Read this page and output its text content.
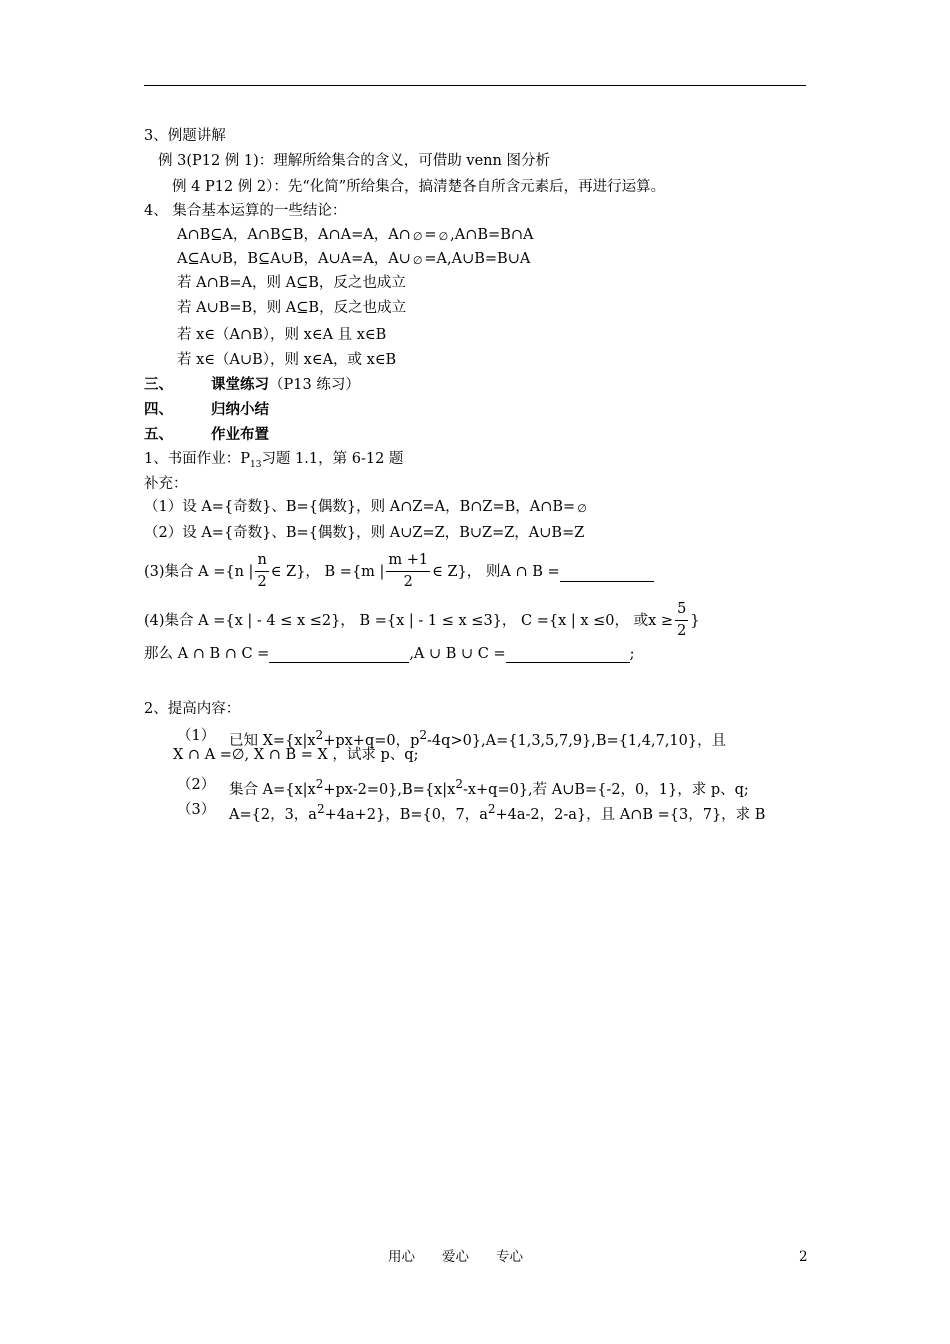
3、例题讲解
例 3(P12 例 1)：理解所给集合的含义，可借助 venn 图分析
例 4 P12 例 2）：先“化简”所给集合，搞清楚各自所含元素后，再进行运算。
4、 集合基本运算的一些结论：
A∩B⊆A，A∩B⊆B，A∩A=A，A∩ ∅ = ∅ ,A∩B=B∩A
A⊆A∪B，B⊆A∪B，A∪A=A，A∪ ∅ =A,A∪B=B∪A
若 A∩B=A，则 A⊆B，反之也成立
若 A∪B=B，则 A⊆B，反之也成立
若 x∈（A∩B），则 x∈A 且 x∈B
若 x∈（A∪B），则 x∈A，或 x∈B
三、	课堂练习（P13 练习）
四、	归纳小结
五、	作业布置
1、书面作业：$P_{13}$习题 1.1，第 6-12 题
补充：
（1）设 A={奇数}、B={偶数}，则 A∩Z=A，B∩Z=B，A∩B= ∅
（2）设 A={奇数}、B={偶数}，则 A∪Z=Z，B∪Z=Z，A∪B=Z
(3)集合 A ={n | $\frac{n}{2}$ ∈ Z}， B ={m | $\frac{m +1}{2}$ ∈ Z}， 则A ∩ B =
(4)集合 A ={x | - 4 ≤ x ≤2}， B ={x | - 1 ≤ x ≤3}， C ={x | x ≤0， 或$x \ge \frac{5}{2}$ }
那么 A ∩ B ∩ C =	,A ∪ B ∪ C =	;
2、提高内容：
（1） 已知 $X=\{x|x^2+px+q=0$，$p^2-4q>0\},A=\{1,3,5,7,9\},B=\{1,4,7,10\}$，且
X ∩ A =∅, X ∩ B = X ，试求 p、q;
（2） 集合 $A=\{x|x^2+px-2=0\},B=\{x|x^2-x+q=0\}$,若 A∪B={-2，0，1}，求 p、q;
（3） A={2，3，$a^2+4a+2$}，B={0，7，$a^2+4a-2$，2-a}，且 A∩B ={3，7}，求 B
用心　　爱心　　专心	2
